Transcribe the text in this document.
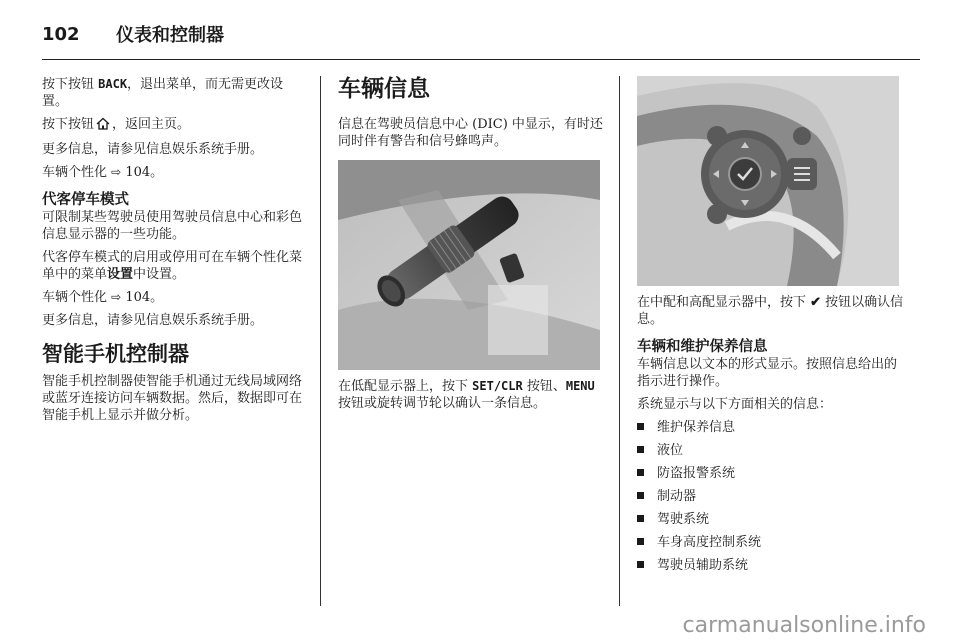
102	仪表和控制器

按下按钮 BACK，退出菜单，而无需更改设置。

按下按钮 ，返回主页。

更多信息，请参见信息娱乐系统手册。

车辆个性化 ⇨ 104。

代客停车模式

可限制某些驾驶员使用驾驶员信息中心和彩色信息显示器的一些功能。

代客停车模式的启用或停用可在车辆个性化菜单中的菜单设置中设置。

车辆个性化 ⇨ 104。

更多信息，请参见信息娱乐系统手册。

智能手机控制器

智能手机控制器使智能手机通过无线局域网络或蓝牙连接访问车辆数据。然后，数据即可在智能手机上显示并做分析。

车辆信息

信息在驾驶员信息中心 (DIC) 中显示，有时还同时伴有警告和信号蜂鸣声。

在低配显示器上，按下 SET/CLR 按钮、MENU 按钮或旋转调节轮以确认一条信息。

在中配和高配显示器中，按下 ✔ 按钮以确认信息。

车辆和维护保养信息

车辆信息以文本的形式显示。按照信息给出的指示进行操作。

系统显示与以下方面相关的信息：

维护保养信息
液位
防盗报警系统
制动器
驾驶系统
车身高度控制系统
驾驶员辅助系统
carmanualsonline.info
